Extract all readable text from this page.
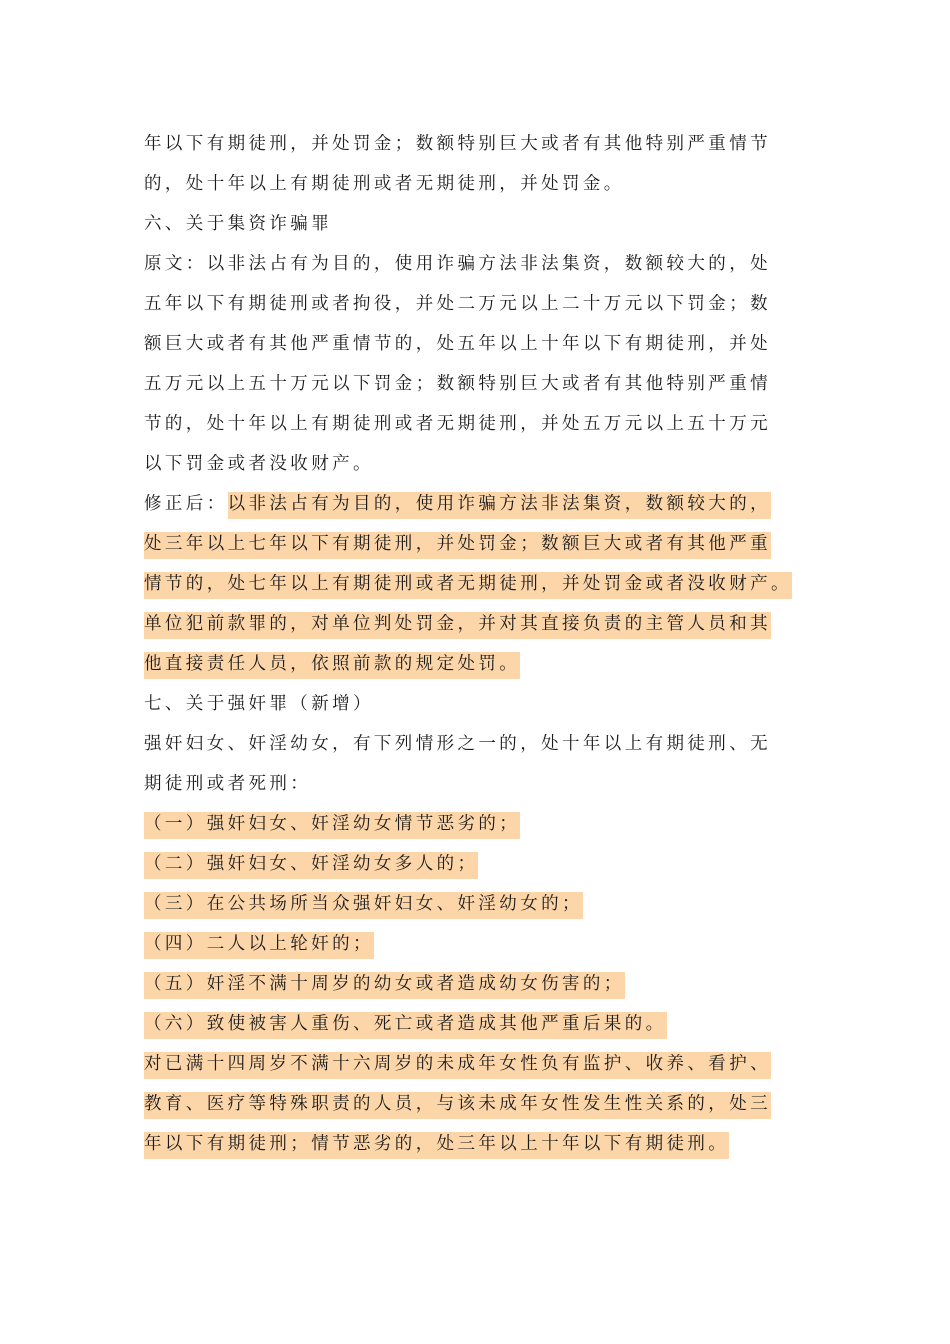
年以下有期徒刑，并处罚金；数额特别巨大或者有其他特别严重情节
的，处十年以上有期徒刑或者无期徒刑，并处罚金。
六、关于集资诈骗罪
原文：以非法占有为目的，使用诈骗方法非法集资，数额较大的，处
五年以下有期徒刑或者拘役，并处二万元以上二十万元以下罚金；数
额巨大或者有其他严重情节的，处五年以上十年以下有期徒刑，并处
五万元以上五十万元以下罚金；数额特别巨大或者有其他特别严重情
节的，处十年以上有期徒刑或者无期徒刑，并处五万元以上五十万元
以下罚金或者没收财产。
修正后：以非法占有为目的，使用诈骗方法非法集资，数额较大的，
处三年以上七年以下有期徒刑，并处罚金；数额巨大或者有其他严重
情节的，处七年以上有期徒刑或者无期徒刑，并处罚金或者没收财产。
单位犯前款罪的，对单位判处罚金，并对其直接负责的主管人员和其
他直接责任人员，依照前款的规定处罚。
七、关于强奸罪（新增）
强奸妇女、奸淫幼女，有下列情形之一的，处十年以上有期徒刑、无
期徒刑或者死刑：
（一）强奸妇女、奸淫幼女情节恶劣的；
（二）强奸妇女、奸淫幼女多人的；
（三）在公共场所当众强奸妇女、奸淫幼女的；
（四）二人以上轮奸的；
（五）奸淫不满十周岁的幼女或者造成幼女伤害的；
（六）致使被害人重伤、死亡或者造成其他严重后果的。
对已满十四周岁不满十六周岁的未成年女性负有监护、收养、看护、
教育、医疗等特殊职责的人员，与该未成年女性发生性关系的，处三
年以下有期徒刑；情节恶劣的，处三年以上十年以下有期徒刑。
